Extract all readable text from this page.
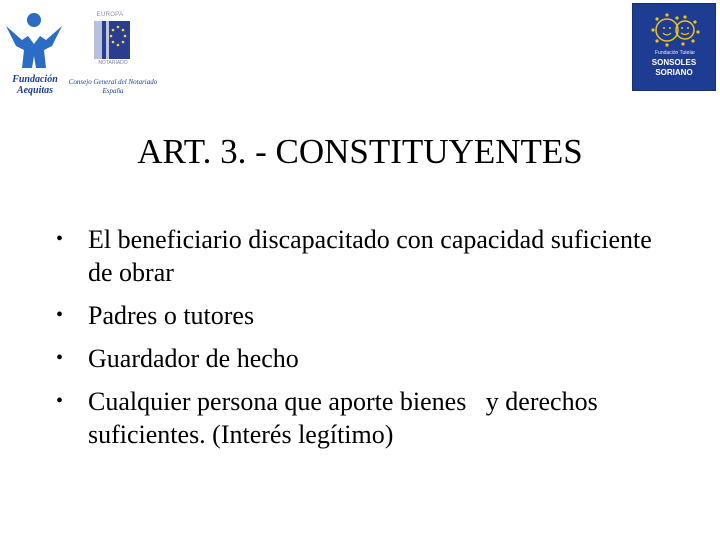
Fundación Aequitas
EUROPA
NOTARIADO
Consejo General del Notariado España
Fundación Tutelar
SONSOLES
SORIANO
ART. 3. - CONSTITUYENTES
• El beneficiario discapacitado con capacidad suficiente de obrar
• Padres o tutores
• Guardador de hecho
• Cualquier persona que aporte bienes   y derechos suficientes. (Interés legítimo)
